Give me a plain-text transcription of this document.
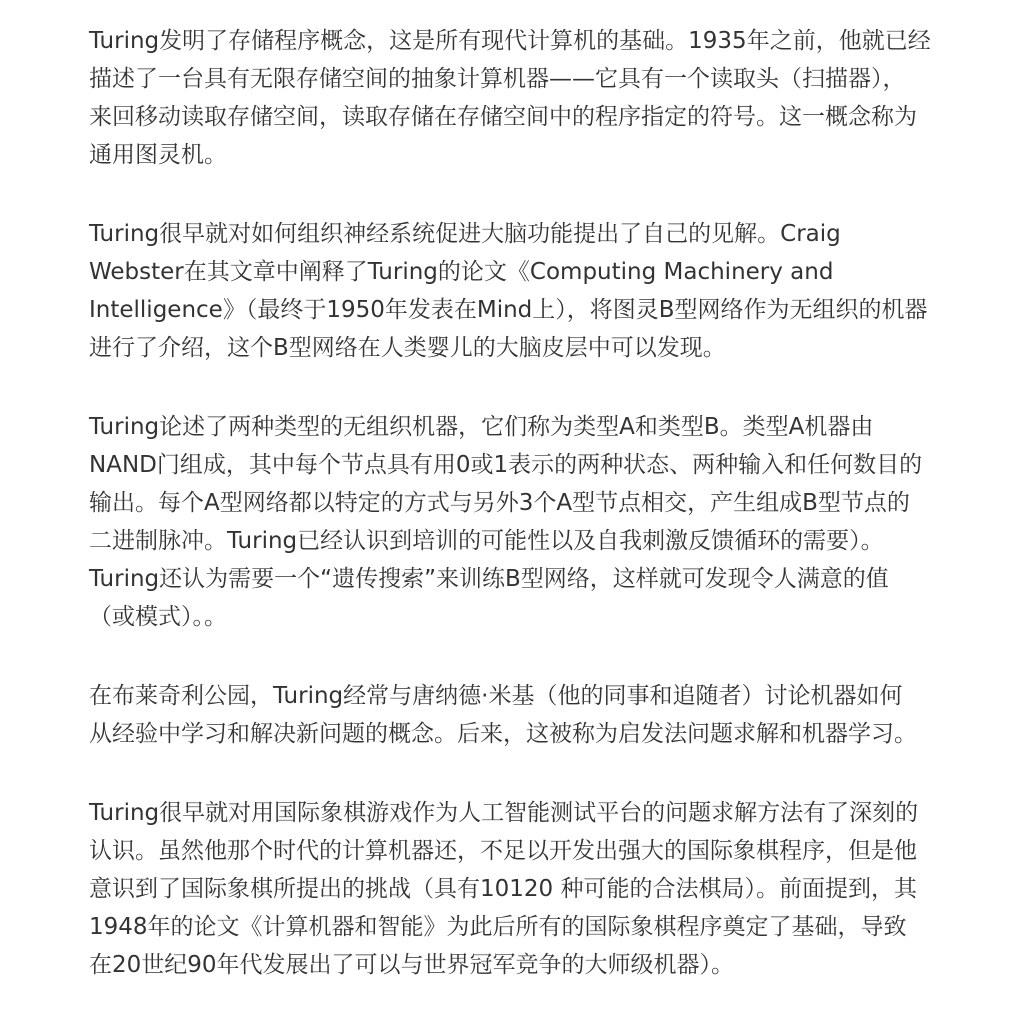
Turing发明了存储程序概念，这是所有现代计算机的基础。1935年之前，他就已经
描述了一台具有无限存储空间的抽象计算机器——它具有一个读取头（扫描器），
来回移动读取存储空间，读取存储在存储空间中的程序指定的符号。这一概念称为
通用图灵机。

Turing很早就对如何组织神经系统促进大脑功能提出了自己的见解。Craig
Webster在其文章中阐释了Turing的论文《Computing Machinery and
Intelligence》（最终于1950年发表在Mind上），将图灵B型网络作为无组织的机器
进行了介绍，这个B型网络在人类婴儿的大脑皮层中可以发现。

Turing论述了两种类型的无组织机器，它们称为类型A和类型B。类型A机器由
NAND门组成，其中每个节点具有用0或1表示的两种状态、两种输入和任何数目的
输出。每个A型网络都以特定的方式与另外3个A型节点相交，产生组成B型节点的
二进制脉冲。Turing已经认识到培训的可能性以及自我刺激反馈循环的需要）。
Turing还认为需要一个“遗传搜索”来训练B型网络，这样就可发现令人满意的值
（或模式）。。

在布莱奇利公园，Turing经常与唐纳德·米基（他的同事和追随者）讨论机器如何
从经验中学习和解决新问题的概念。后来，这被称为启发法问题求解和机器学习。

Turing很早就对用国际象棋游戏作为人工智能测试平台的问题求解方法有了深刻的
认识。虽然他那个时代的计算机器还，不足以开发出强大的国际象棋程序，但是他
意识到了国际象棋所提出的挑战（具有10120 种可能的合法棋局）。前面提到，其
1948年的论文《计算机器和智能》为此后所有的国际象棋程序奠定了基础，导致
在20世纪90年代发展出了可以与世界冠军竞争的大师级机器）。
